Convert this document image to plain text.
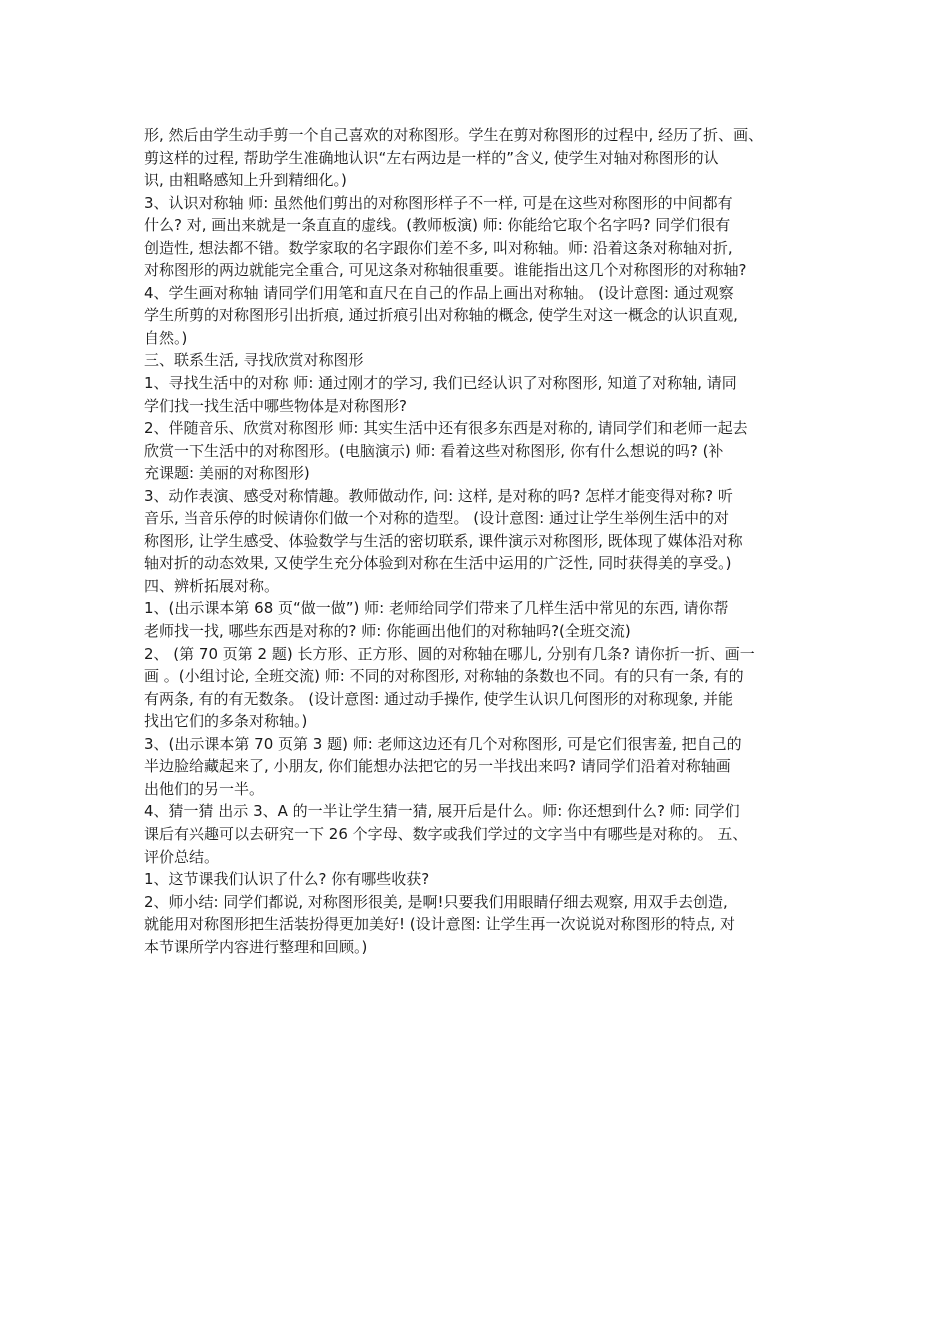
形, 然后由学生动手剪一个自己喜欢的对称图形。学生在剪对称图形的过程中, 经历了折、画、
剪这样的过程, 帮助学生准确地认识“左右两边是一样的”含义, 使学生对轴对称图形的认
识, 由粗略感知上升到精细化。)
3、认识对称轴 师: 虽然他们剪出的对称图形样子不一样, 可是在这些对称图形的中间都有
什么? 对, 画出来就是一条直直的虚线。(教师板演) 师: 你能给它取个名字吗? 同学们很有
创造性, 想法都不错。数学家取的名字跟你们差不多, 叫对称轴。师: 沿着这条对称轴对折,
对称图形的两边就能完全重合, 可见这条对称轴很重要。谁能指出这几个对称图形的对称轴?
4、学生画对称轴 请同学们用笔和直尺在自己的作品上画出对称轴。 (设计意图: 通过观察
学生所剪的对称图形引出折痕, 通过折痕引出对称轴的概念, 使学生对这一概念的认识直观,
自然。)
三、联系生活, 寻找欣赏对称图形
1、寻找生活中的对称 师: 通过刚才的学习, 我们已经认识了对称图形, 知道了对称轴, 请同
学们找一找生活中哪些物体是对称图形?
2、伴随音乐、欣赏对称图形 师: 其实生活中还有很多东西是对称的, 请同学们和老师一起去
欣赏一下生活中的对称图形。(电脑演示) 师: 看着这些对称图形, 你有什么想说的吗? (补
充课题: 美丽的对称图形)
3、动作表演、感受对称情趣。教师做动作, 问: 这样, 是对称的吗? 怎样才能变得对称? 听
音乐, 当音乐停的时候请你们做一个对称的造型。 (设计意图: 通过让学生举例生活中的对
称图形, 让学生感受、体验数学与生活的密切联系, 课件演示对称图形, 既体现了媒体沿对称
轴对折的动态效果, 又使学生充分体验到对称在生活中运用的广泛性, 同时获得美的享受。)
四、辨析拓展对称。
1、(出示课本第 68 页“做一做”) 师: 老师给同学们带来了几样生活中常见的东西, 请你帮
老师找一找, 哪些东西是对称的? 师: 你能画出他们的对称轴吗?(全班交流)
2、 (第 70 页第 2 题) 长方形、正方形、圆的对称轴在哪儿, 分别有几条? 请你折一折、画一
画 。(小组讨论, 全班交流) 师: 不同的对称图形, 对称轴的条数也不同。有的只有一条, 有的
有两条, 有的有无数条。 (设计意图: 通过动手操作, 使学生认识几何图形的对称现象, 并能
找出它们的多条对称轴。)
3、(出示课本第 70 页第 3 题) 师: 老师这边还有几个对称图形, 可是它们很害羞, 把自己的
半边脸给藏起来了, 小朋友, 你们能想办法把它的另一半找出来吗? 请同学们沿着对称轴画
出他们的另一半。
4、猜一猜 出示 3、A 的一半让学生猜一猜, 展开后是什么。师: 你还想到什么? 师: 同学们
课后有兴趣可以去研究一下 26 个字母、数字或我们学过的文字当中有哪些是对称的。 五、
评价总结。
1、这节课我们认识了什么? 你有哪些收获?
2、师小结: 同学们都说, 对称图形很美, 是啊!只要我们用眼睛仔细去观察, 用双手去创造,
就能用对称图形把生活装扮得更加美好! (设计意图: 让学生再一次说说对称图形的特点, 对
本节课所学内容进行整理和回顾。)
